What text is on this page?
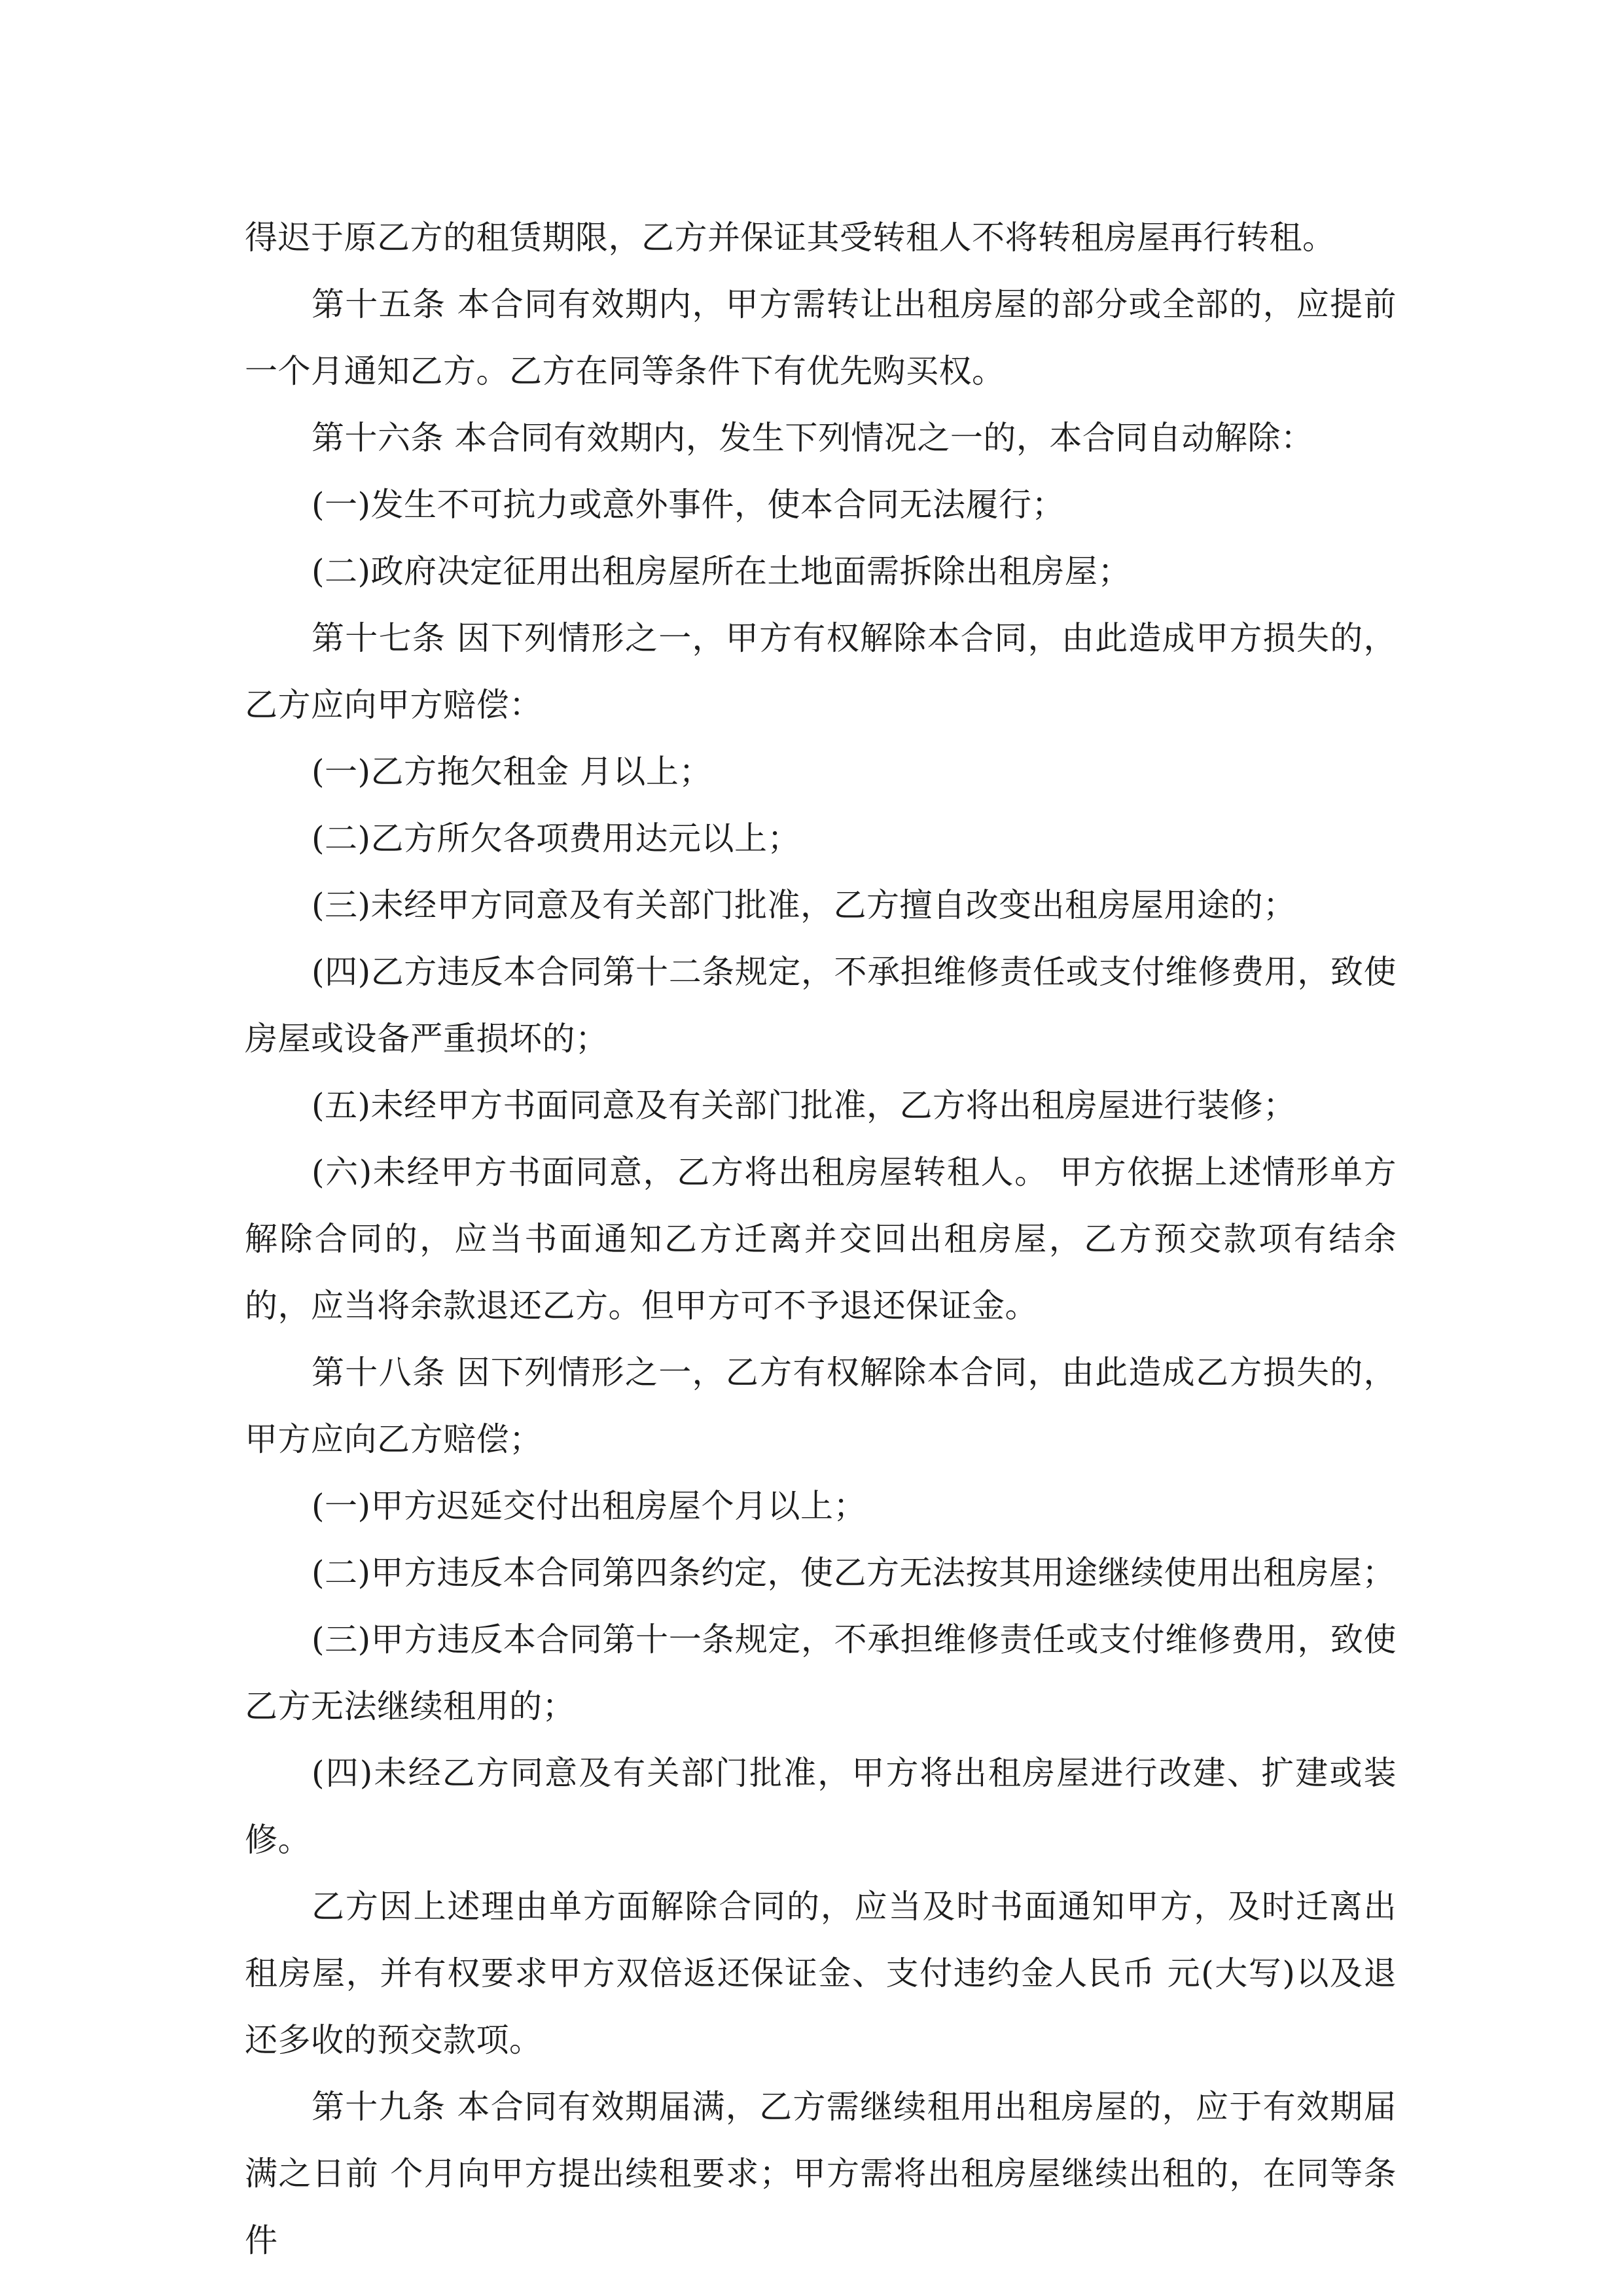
得迟于原乙方的租赁期限，乙方并保证其受转租人不将转租房屋再行转租。

第十五条 本合同有效期内，甲方需转让出租房屋的部分或全部的，应提前一个月通知乙方。乙方在同等条件下有优先购买权。

第十六条 本合同有效期内，发生下列情况之一的，本合同自动解除：

(一)发生不可抗力或意外事件，使本合同无法履行；

(二)政府决定征用出租房屋所在土地面需拆除出租房屋；

第十七条 因下列情形之一，甲方有权解除本合同，由此造成甲方损失的，乙方应向甲方赔偿：

(一)乙方拖欠租金 月以上；

(二)乙方所欠各项费用达元以上；

(三)未经甲方同意及有关部门批准，乙方擅自改变出租房屋用途的；

(四)乙方违反本合同第十二条规定，不承担维修责任或支付维修费用，致使房屋或设备严重损坏的；

(五)未经甲方书面同意及有关部门批准，乙方将出租房屋进行装修；

(六)未经甲方书面同意，乙方将出租房屋转租人。 甲方依据上述情形单方解除合同的，应当书面通知乙方迁离并交回出租房屋，乙方预交款项有结余的，应当将余款退还乙方。但甲方可不予退还保证金。

第十八条 因下列情形之一，乙方有权解除本合同，由此造成乙方损失的，甲方应向乙方赔偿；

(一)甲方迟延交付出租房屋个月以上；

(二)甲方违反本合同第四条约定，使乙方无法按其用途继续使用出租房屋；

(三)甲方违反本合同第十一条规定，不承担维修责任或支付维修费用，致使乙方无法继续租用的；

(四)未经乙方同意及有关部门批准，甲方将出租房屋进行改建、扩建或装修。

乙方因上述理由单方面解除合同的，应当及时书面通知甲方，及时迁离出租房屋，并有权要求甲方双倍返还保证金、支付违约金人民币 元(大写)以及退还多收的预交款项。

第十九条 本合同有效期届满，乙方需继续租用出租房屋的，应于有效期届满之日前 个月向甲方提出续租要求；甲方需将出租房屋继续出租的，在同等条件
